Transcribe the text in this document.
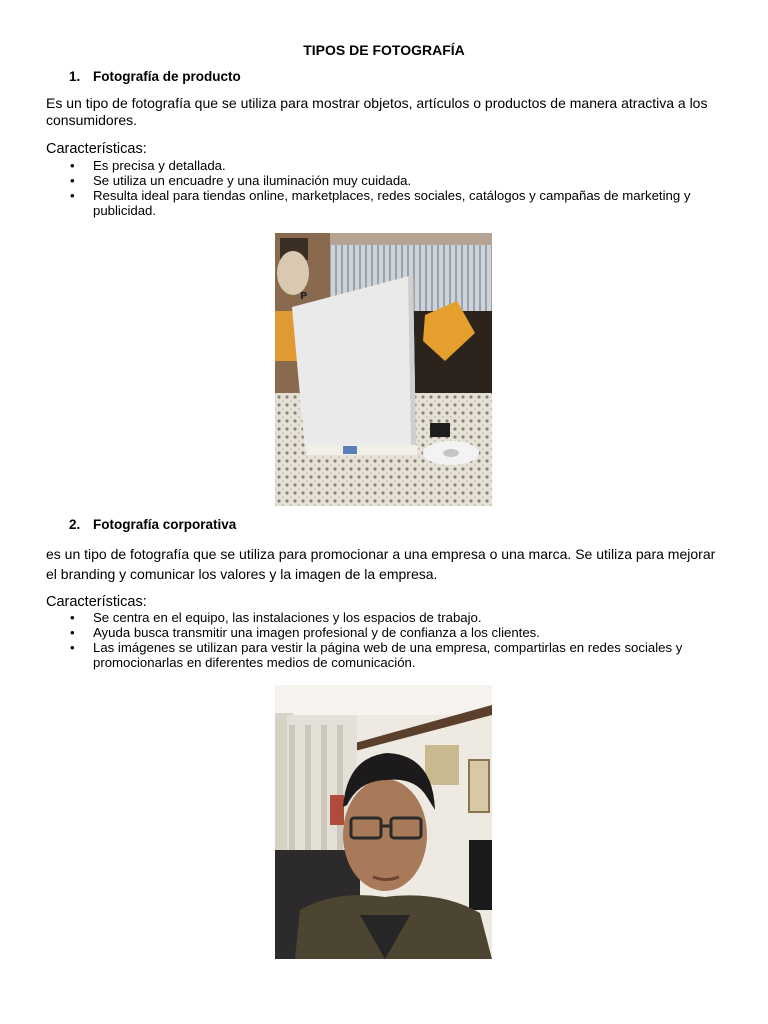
TIPOS DE FOTOGRAFÍA
1. Fotografía de producto
Es un tipo de fotografía que se utiliza para mostrar objetos, artículos o productos de manera atractiva a los consumidores.
Características:
• Es precisa y detallada.
• Se utiliza un encuadre y una iluminación muy cuidada.
• Resulta ideal para tiendas online, marketplaces, redes sociales, catálogos y campañas de marketing y publicidad.
P
2. Fotografía corporativa
es un tipo de fotografía que se utiliza para promocionar a una empresa o una marca. Se utiliza para mejorar el branding y comunicar los valores y la imagen de la empresa.
Características:
• Se centra en el equipo, las instalaciones y los espacios de trabajo.
• Ayuda busca transmitir una imagen profesional y de confianza a los clientes.
• Las imágenes se utilizan para vestir la página web de una empresa, compartirlas en redes sociales y promocionarlas en diferentes medios de comunicación.
